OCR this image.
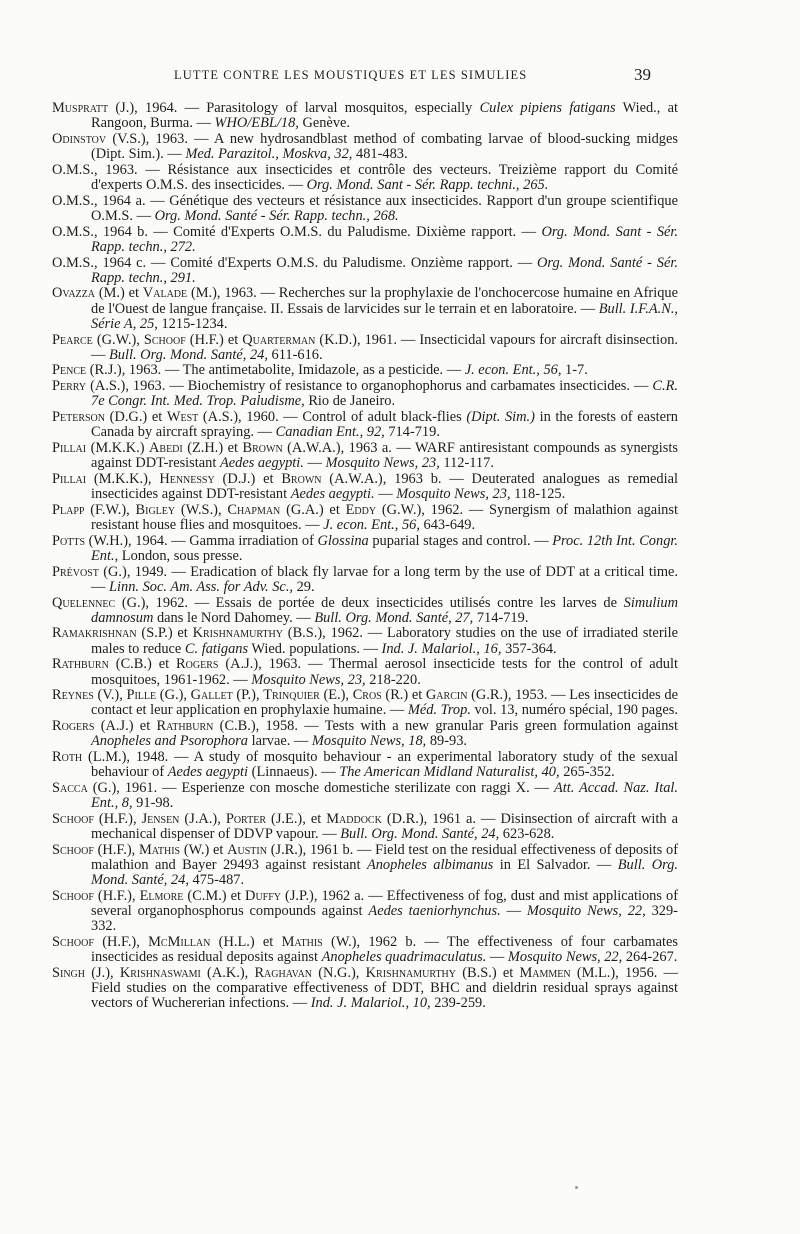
LUTTE CONTRE LES MOUSTIQUES ET LES SIMULIES	39

Muspratt (J.), 1964. — Parasitology of larval mosquitos, especially Culex pipiens fatigans Wied., at Rangoon, Burma. — WHO/EBL/18, Genève.

Odinstov (V.S.), 1963. — A new hydrosandblast method of combating larvae of blood-sucking midges (Dipt. Sim.). — Med. Parazitol., Moskva, 32, 481-483.

O.M.S., 1963. — Résistance aux insecticides et contrôle des vecteurs. Treizième rapport du Comité d'experts O.M.S. des insecticides. — Org. Mond. Sant - Sér. Rapp. techni., 265.

O.M.S., 1964 a. — Génétique des vecteurs et résistance aux insecticides. Rapport d'un groupe scientifique O.M.S. — Org. Mond. Santé - Sér. Rapp. techn., 268.

O.M.S., 1964 b. — Comité d'Experts O.M.S. du Paludisme. Dixième rapport. — Org. Mond. Sant - Sér. Rapp. techn., 272.

O.M.S., 1964 c. — Comité d'Experts O.M.S. du Paludisme. Onzième rapport. — Org. Mond. Santé - Sér. Rapp. techn., 291.

Ovazza (M.) et Valade (M.), 1963. — Recherches sur la prophylaxie de l'onchocercose humaine en Afrique de l'Ouest de langue française. II. Essais de larvicides sur le terrain et en laboratoire. — Bull. I.F.A.N., Série A, 25, 1215-1234.

Pearce (G.W.), Schoof (H.F.) et Quarterman (K.D.), 1961. — Insecticidal vapours for aircraft disinsection. — Bull. Org. Mond. Santé, 24, 611-616.

Pence (R.J.), 1963. — The antimetabolite, Imidazole, as a pesticide. — J. econ. Ent., 56, 1-7.

Perry (A.S.), 1963. — Biochemistry of resistance to organophophorus and carbamates insecticides. — C.R. 7e Congr. Int. Med. Trop. Paludisme, Rio de Janeiro.

Peterson (D.G.) et West (A.S.), 1960. — Control of adult black-flies (Dipt. Sim.) in the forests of eastern Canada by aircraft spraying. — Canadian Ent., 92, 714-719.

Pillai (M.K.K.) Abedi (Z.H.) et Brown (A.W.A.), 1963 a. — WARF antiresistant compounds as synergists against DDT-resistant Aedes aegypti. — Mosquito News, 23, 112-117.

Pillai (M.K.K.), Hennessy (D.J.) et Brown (A.W.A.), 1963 b. — Deuterated analogues as remedial insecticides against DDT-resistant Aedes aegypti. — Mosquito News, 23, 118-125.

Plapp (F.W.), Bigley (W.S.), Chapman (G.A.) et Eddy (G.W.), 1962. — Synergism of malathion against resistant house flies and mosquitoes. — J. econ. Ent., 56, 643-649.

Potts (W.H.), 1964. — Gamma irradiation of Glossina puparial stages and control. — Proc. 12th Int. Congr. Ent., London, sous presse.

Prévost (G.), 1949. — Eradication of black fly larvae for a long term by the use of DDT at a critical time. — Linn. Soc. Am. Ass. for Adv. Sc., 29.

Quelennec (G.), 1962. — Essais de portée de deux insecticides utilisés contre les larves de Simulium damnosum dans le Nord Dahomey. — Bull. Org. Mond. Santé, 27, 714-719.

Ramakrishnan (S.P.) et Krishnamurthy (B.S.), 1962. — Laboratory studies on the use of irradiated sterile males to reduce C. fatigans Wied. populations. — Ind. J. Malariol., 16, 357-364.

Rathburn (C.B.) et Rogers (A.J.), 1963. — Thermal aerosol insecticide tests for the control of adult mosquitoes, 1961-1962. — Mosquito News, 23, 218-220.

Reynes (V.), Pille (G.), Gallet (P.), Trinquier (E.), Cros (R.) et Garcin (G.R.), 1953. — Les insecticides de contact et leur application en prophylaxie humaine. — Méd. Trop. vol. 13, numéro spécial, 190 pages.

Rogers (A.J.) et Rathburn (C.B.), 1958. — Tests with a new granular Paris green formulation against Anopheles and Psorophora larvae. — Mosquito News, 18, 89-93.

Roth (L.M.), 1948. — A study of mosquito behaviour - an experimental laboratory study of the sexual behaviour of Aedes aegypti (Linnaeus). — The American Midland Naturalist, 40, 265-352.

Sacca (G.), 1961. — Esperienze con mosche domestiche sterilizate con raggi X. — Att. Accad. Naz. Ital. Ent., 8, 91-98.

Schoof (H.F.), Jensen (J.A.), Porter (J.E.), et Maddock (D.R.), 1961 a. — Disinsection of aircraft with a mechanical dispenser of DDVP vapour. — Bull. Org. Mond. Santé, 24, 623-628.

Schoof (H.F.), Mathis (W.) et Austin (J.R.), 1961 b. — Field test on the residual effectiveness of deposits of malathion and Bayer 29493 against resistant Anopheles albimanus in El Salvador. — Bull. Org. Mond. Santé, 24, 475-487.

Schoof (H.F.), Elmore (C.M.) et Duffy (J.P.), 1962 a. — Effectiveness of fog, dust and mist applications of several organophosphorus compounds against Aedes taeniorhynchus. — Mosquito News, 22, 329-332.

Schoof (H.F.), McMillan (H.L.) et Mathis (W.), 1962 b. — The effectiveness of four carbamates insecticides as residual deposits against Anopheles quadrimaculatus. — Mosquito News, 22, 264-267.

Singh (J.), Krishnaswami (A.K.), Raghavan (N.G.), Krishnamurthy (B.S.) et Mammen (M.L.), 1956. — Field studies on the comparative effectiveness of DDT, BHC and dieldrin residual sprays against vectors of Wuchererian infections. — Ind. J. Malariol., 10, 239-259.
